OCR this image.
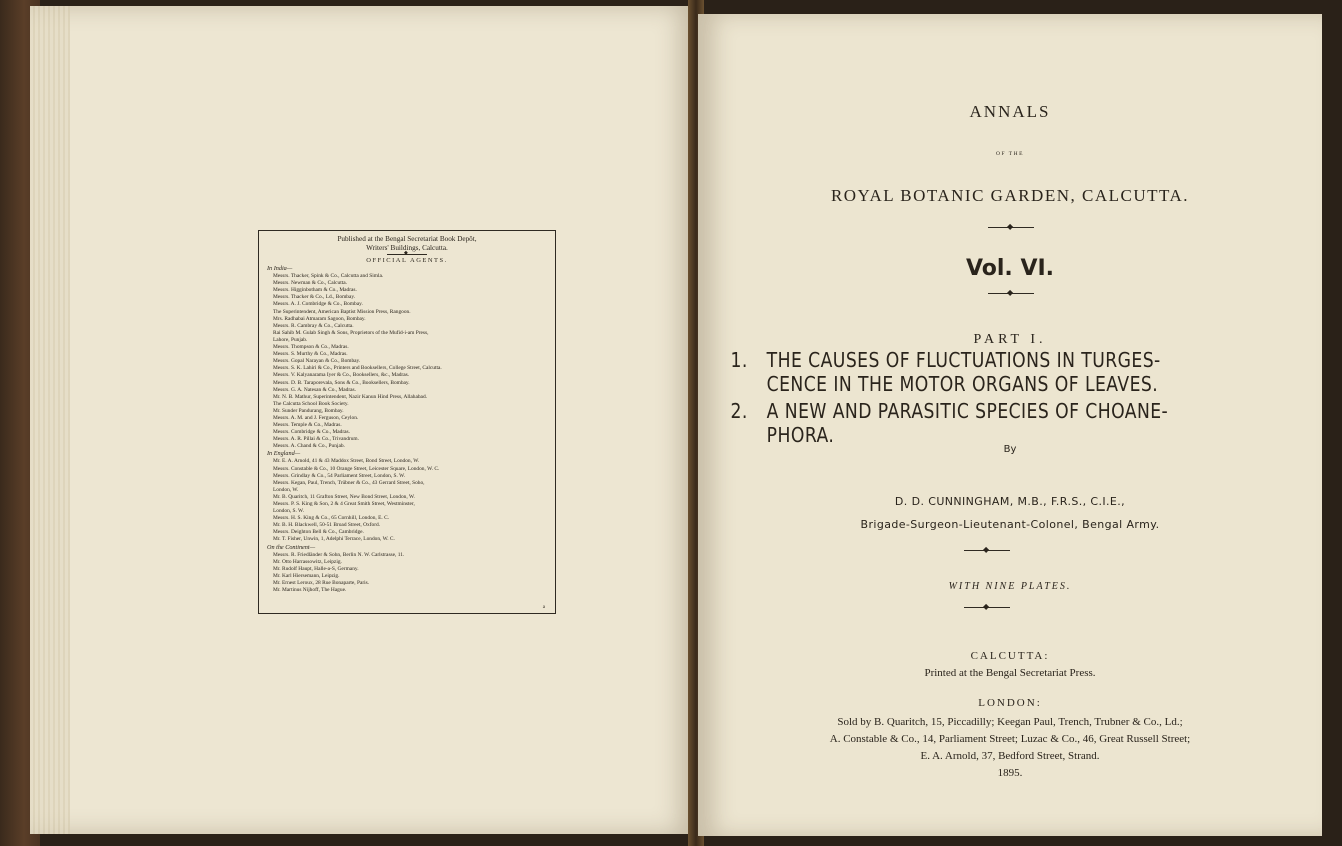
Published at the Bengal Secretariat Book Depôt,
Writers' Buildings, Calcutta.
◆
OFFICIAL AGENTS.
In India—
Messrs. Thacker, Spink & Co., Calcutta and Simla.
Messrs. Newman & Co., Calcutta.
Messrs. Higginbotham & Co., Madras.
Messrs. Thacker & Co., Ld., Bombay.
Messrs. A. J. Combridge & Co., Bombay.
The Superintendent, American Baptist Mission Press, Rangoon.
Mrs. Radhabai Atmaram Sagoon, Bombay.
Messrs. R. Cambray & Co., Calcutta.
Rai Sahib M. Gulab Singh & Sons, Proprietors of the Mufid-i-am Press,
Lahore, Punjab.
Messrs. Thompson & Co., Madras.
Messrs. S. Murthy & Co., Madras.
Messrs. Gopal Narayan & Co., Bombay.
Messrs. S. K. Lahiri & Co., Printers and Booksellers, College Street, Calcutta.
Messrs. V. Kalyanarama Iyer & Co., Booksellers, &c., Madras.
Messrs. D. B. Taraporevala, Sons & Co., Booksellers, Bombay.
Messrs. G. A. Natesan & Co., Madras.
Mr. N. B. Mathur, Superintendent, Nazir Kanun Hind Press, Allahabad.
The Calcutta School Book Society.
Mr. Sunder Pandurang, Bombay.
Messrs. A. M. and J. Ferguson, Ceylon.
Messrs. Temple & Co., Madras.
Messrs. Combridge & Co., Madras.
Messrs. A. R. Pillai & Co., Trivandrum.
Messrs. A. Chand & Co., Punjab.
In England—
Mr. E. A. Arnold, 41 & 43 Maddox Street, Bond Street, London, W.
Messrs. Constable & Co., 10 Orange Street, Leicester Square, London, W. C.
Messrs. Grindlay & Co., 54 Parliament Street, London, S. W.
Messrs. Kegan, Paul, Trench, Trübner & Co., 43 Gerrard Street, Soho,
London, W.
Mr. B. Quaritch, 11 Grafton Street, New Bond Street, London, W.
Messrs. P. S. King & Son, 2 & 4 Great Smith Street, Westminster,
London, S. W.
Messrs. H. S. King & Co., 65 Cornhill, London, E. C.
Mr. B. H. Blackwell, 50-51 Broad Street, Oxford.
Messrs. Deighton Bell & Co., Cambridge.
Mr. T. Fisher, Unwin, 1, Adelphi Terrace, London, W. C.
On the Continent—
Messrs. R. Friedländer & Sohn, Berlin N. W. Carlstrasse, 11.
Mr. Otto Harrassowitz, Leipzig.
Mr. Rudolf Haupt, Halle-a-S, Germany.
Mr. Karl Hiersemann, Leipzig.
Mr. Ernest Leroux, 28 Rue Bonaparte, Paris.
Mr. Martinus Nijhoff, The Hague.
a
ANNALS
OF THE
ROYAL BOTANIC GARDEN, CALCUTTA.
◆
Vol. VI.
◆
PART I.
1. THE CAUSES OF FLUCTUATIONS IN TURGES-
CENCE IN THE MOTOR ORGANS OF LEAVES.
2. A NEW AND PARASITIC SPECIES OF CHOANE-
PHORA.
By
D. D. CUNNINGHAM, M.B., F.R.S., C.I.E.,
Brigade-Surgeon-Lieutenant-Colonel, Bengal Army.
◆
WITH NINE PLATES.
◆
CALCUTTA:
Printed at the Bengal Secretariat Press.
LONDON:
Sold by B. Quaritch, 15, Piccadilly; Keegan Paul, Trench, Trubner & Co., Ld.;
A. Constable & Co., 14, Parliament Street; Luzac & Co., 46, Great Russell Street;
E. A. Arnold, 37, Bedford Street, Strand.
1895.
